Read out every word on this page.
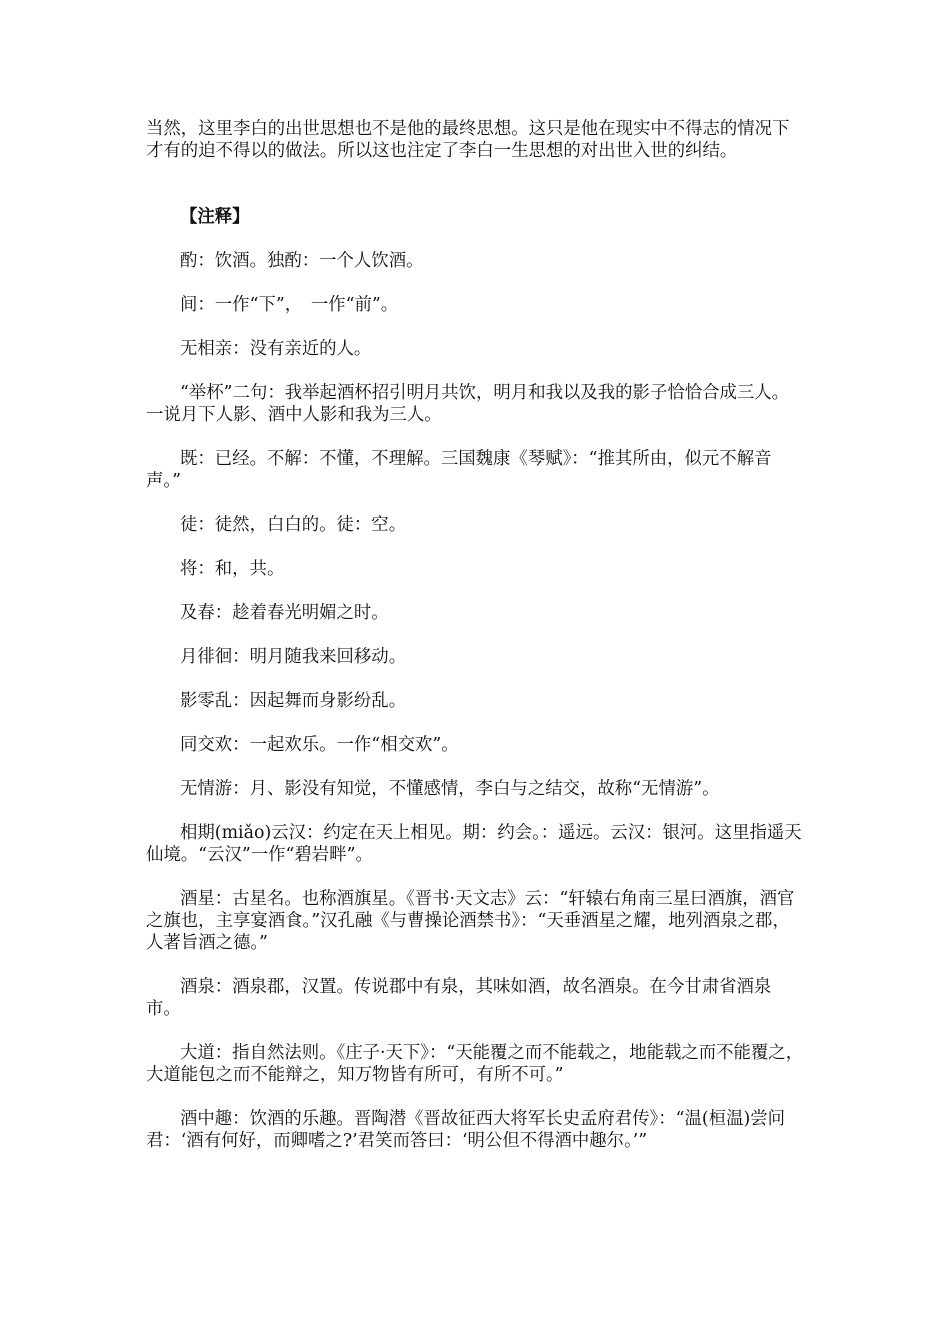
当然，这里李白的出世思想也不是他的最终思想。这只是他在现实中不得志的情况下才有的迫不得以的做法。所以这也注定了李白一生思想的对出世入世的纠结。

【注释】

酌：饮酒。独酌：一个人饮酒。

间：一作“下”，　一作“前”。

无相亲：没有亲近的人。

“举杯”二句：我举起酒杯招引明月共饮，明月和我以及我的影子恰恰合成三人。一说月下人影、酒中人影和我为三人。

既：已经。不解：不懂，不理解。三国魏康《琴赋》：“推其所由，似元不解音声。”

徒：徒然，白白的。徒：空。

将：和，共。

及春：趁着春光明媚之时。

月徘徊：明月随我来回移动。

影零乱：因起舞而身影纷乱。

同交欢：一起欢乐。一作“相交欢”。

无情游：月、影没有知觉，不懂感情，李白与之结交，故称“无情游”。

相期(miǎo)云汉：约定在天上相见。期：约会。：遥远。云汉：银河。这里指遥天仙境。“云汉”一作“碧岩畔”。

酒星：古星名。也称酒旗星。《晋书·天文志》云：“轩辕右角南三星曰酒旗，酒官之旗也，主享宴酒食。”汉孔融《与曹操论酒禁书》：“天垂酒星之耀，地列酒泉之郡，人著旨酒之德。”

酒泉：酒泉郡，汉置。传说郡中有泉，其味如酒，故名酒泉。在今甘肃省酒泉市。

大道：指自然法则。《庄子·天下》：“天能覆之而不能载之，地能载之而不能覆之，大道能包之而不能辩之，知万物皆有所可，有所不可。”

酒中趣：饮酒的乐趣。晋陶潜《晋故征西大将军长史孟府君传》：“温(桓温)尝问君：‘酒有何好，而卿嗜之?’君笑而答曰：‘明公但不得酒中趣尔。’”
